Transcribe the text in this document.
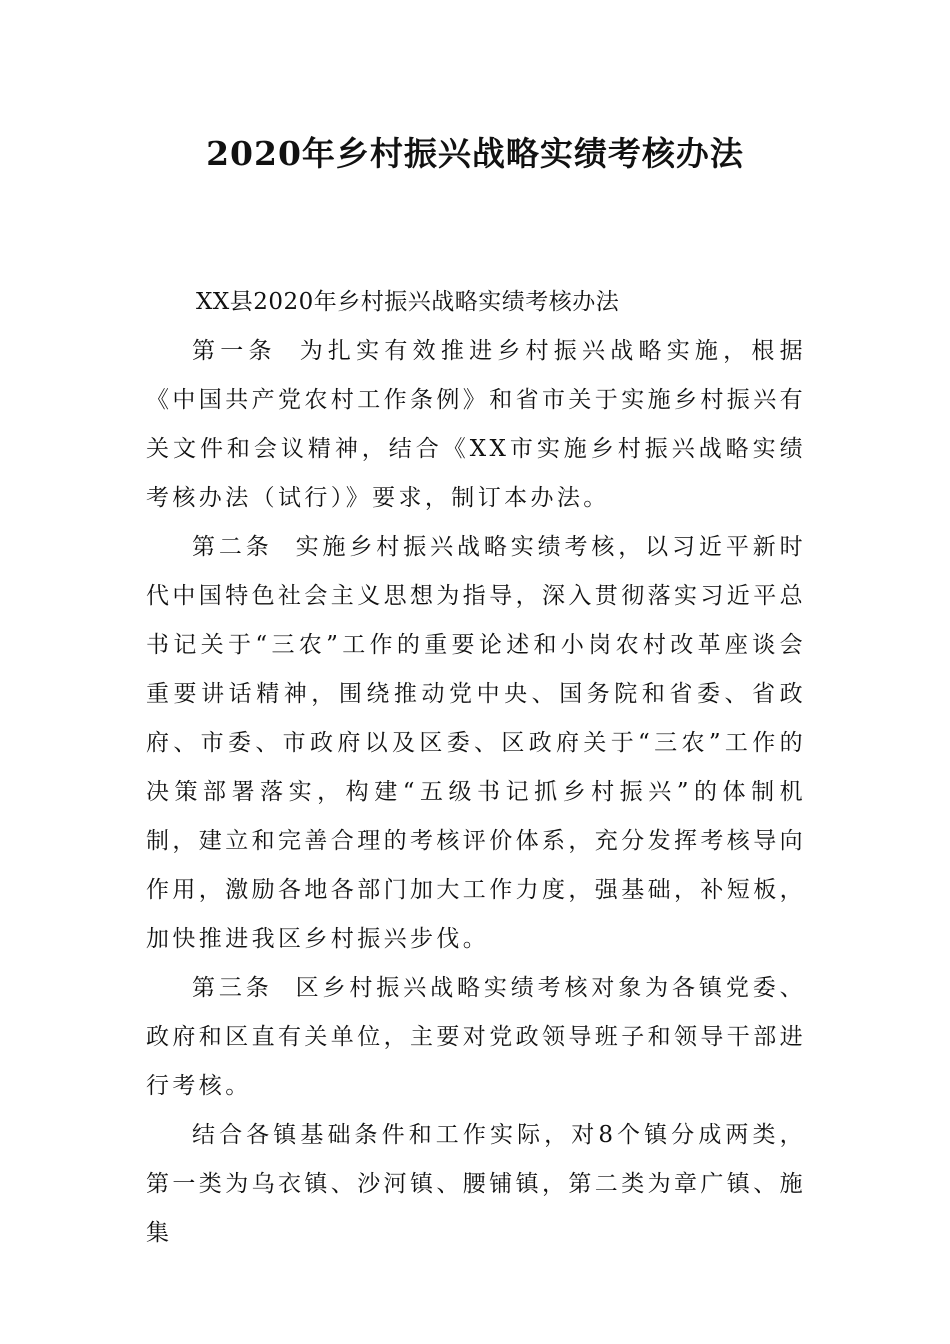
2020年乡村振兴战略实绩考核办法

XX县2020年乡村振兴战略实绩考核办法

第一条 为扎实有效推进乡村振兴战略实施，根据《中国共产党农村工作条例》和省市关于实施乡村振兴有关文件和会议精神，结合《XX市实施乡村振兴战略实绩考核办法（试行）》要求，制订本办法。

第二条 实施乡村振兴战略实绩考核，以习近平新时代中国特色社会主义思想为指导，深入贯彻落实习近平总书记关于“三农”工作的重要论述和小岗农村改革座谈会重要讲话精神，围绕推动党中央、国务院和省委、省政府、市委、市政府以及区委、区政府关于“三农”工作的决策部署落实，构建“五级书记抓乡村振兴”的体制机制，建立和完善合理的考核评价体系，充分发挥考核导向作用，激励各地各部门加大工作力度，强基础，补短板，加快推进我区乡村振兴步伐。

第三条 区乡村振兴战略实绩考核对象为各镇党委、政府和区直有关单位，主要对党政领导班子和领导干部进行考核。

结合各镇基础条件和工作实际，对8个镇分成两类，第一类为乌衣镇、沙河镇、腰铺镇，第二类为章广镇、施集
